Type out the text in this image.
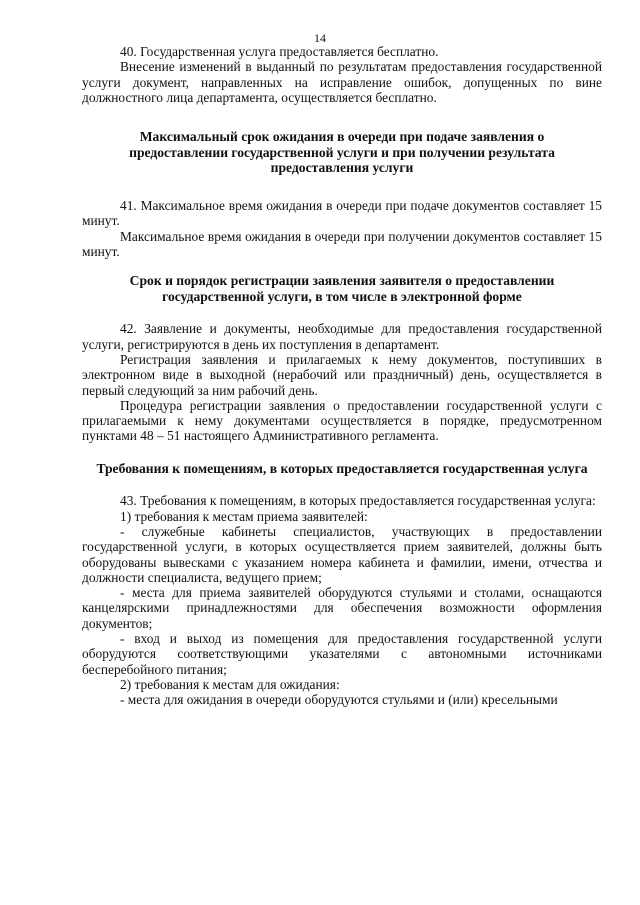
14

40. Государственная услуга предоставляется бесплатно.

Внесение изменений в выданный по результатам предоставления государственной услуги документ, направленных на исправление ошибок, допущенных по вине должностного лица департамента, осуществляется бесплатно.

Максимальный срок ожидания в очереди при подаче заявления о предоставлении государственной услуги и при получении результата предоставления услуги

41. Максимальное время ожидания в очереди при подаче документов составляет 15 минут.

Максимальное время ожидания в очереди при получении документов составляет 15 минут.

Срок и порядок регистрации заявления заявителя о предоставлении государственной услуги, в том числе в электронной форме

42. Заявление и документы, необходимые для предоставления государственной услуги, регистрируются в день их поступления в департамент.

Регистрация заявления и прилагаемых к нему документов, поступивших в электронном виде в выходной (нерабочий или праздничный) день, осуществляется в первый следующий за ним рабочий день.

Процедура регистрации заявления о предоставлении государственной услуги с прилагаемыми к нему документами осуществляется в порядке, предусмотренном пунктами 48 – 51 настоящего Административного регламента.

Требования к помещениям, в которых предоставляется государственная услуга

43. Требования к помещениям, в которых предоставляется государственная услуга:

1) требования к местам приема заявителей:

- служебные кабинеты специалистов, участвующих в предоставлении государственной услуги, в которых осуществляется прием заявителей, должны быть оборудованы вывесками с указанием номера кабинета и фамилии, имени, отчества и должности специалиста, ведущего прием;

- места для приема заявителей оборудуются стульями и столами, оснащаются канцелярскими принадлежностями для обеспечения возможности оформления документов;

- вход и выход из помещения для предоставления государственной услуги оборудуются соответствующими указателями с автономными источниками бесперебойного питания;

2) требования к местам для ожидания:

- места для ожидания в очереди оборудуются стульями и (или) кресельными
